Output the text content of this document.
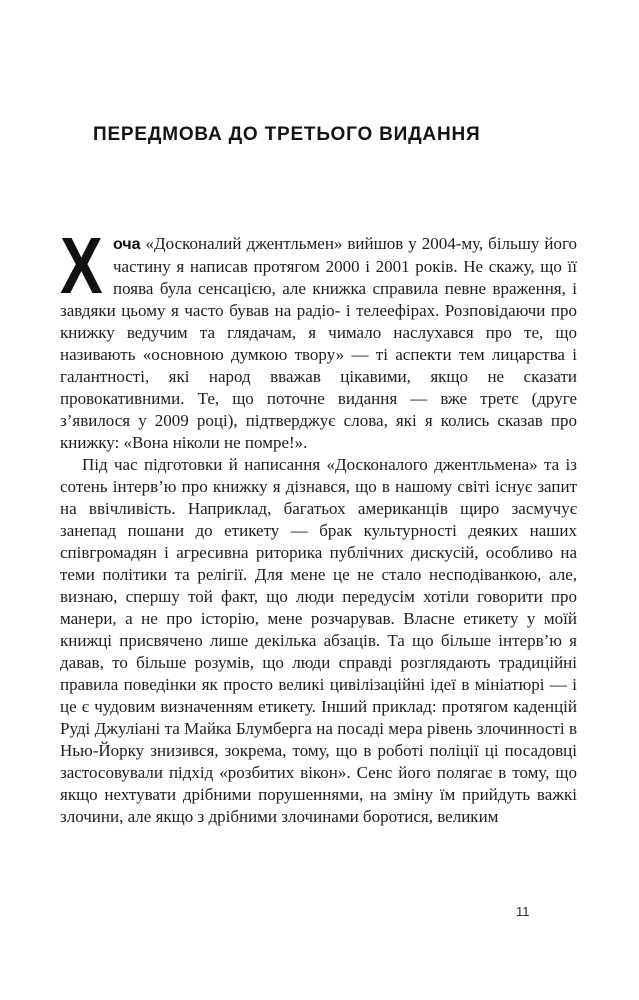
ПЕРЕДМОВА ДО ТРЕТЬОГО ВИДАННЯ

Хоча «Досконалий джентльмен» вийшов у 2004-му, більшу його частину я написав протягом 2000 і 2001 років. Не скажу, що її поява була сенсацією, але книжка справила певне враження, і завдяки цьому я часто бував на радіо- і телеефірах. Розповідаючи про книжку ведучим та глядачам, я чимало наслухався про те, що називають «основною думкою твору» — ті аспекти тем лицарства і галантності, які народ вважав цікавими, якщо не сказати провокативними. Те, що поточне видання — вже третє (друге з’явилося у 2009 році), підтверджує слова, які я колись сказав про книжку: «Вона ніколи не помре!».

Під час підготовки й написання «Досконалого джентльмена» та із сотень інтерв’ю про книжку я дізнався, що в нашому світі існує запит на ввічливість. Наприклад, багатьох американців щиро засмучує занепад пошани до етикету — брак культурності деяких наших співгромадян і агресивна риторика публічних дискусій, особливо на теми політики та релігії. Для мене це не стало несподіванкою, але, визнаю, спершу той факт, що люди передусім хотіли говорити про манери, а не про історію, мене розчарував. Власне етикету у моїй книжці присвячено лише декілька абзаців. Та що більше інтерв’ю я давав, то більше розумів, що люди справді розглядають традиційні правила поведінки як просто великі цивілізаційні ідеї в мініатюрі — і це є чудовим визначенням етикету. Інший приклад: протягом каденцій Руді Джуліані та Майка Блумберга на посаді мера рівень злочинності в Нью-Йорку знизився, зокрема, тому, що в роботі поліції ці посадовці застосовували підхід «розбитих вікон». Сенс його полягає в тому, що якщо нехтувати дрібними порушеннями, на зміну їм прийдуть важкі злочини, але якщо з дрібними злочинами боротися, великим

11
